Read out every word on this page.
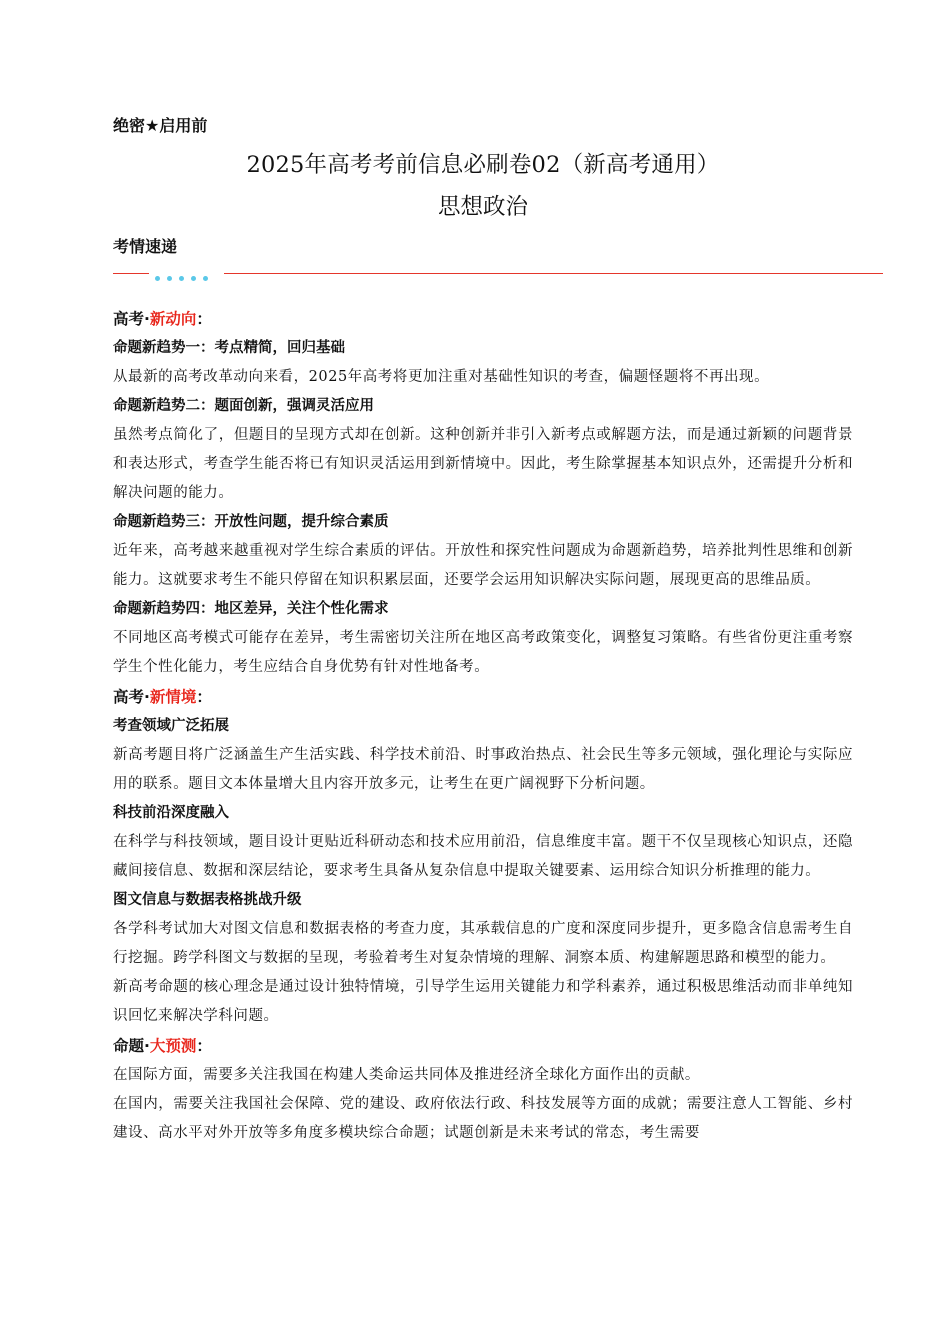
绝密★启用前

2025年高考考前信息必刷卷02（新高考通用）
思想政治

考情速递

高考·新动向：

命题新趋势一：考点精简，回归基础

从最新的高考改革动向来看，2025年高考将更加注重对基础性知识的考查，偏题怪题将不再出现。

命题新趋势二：题面创新，强调灵活应用

虽然考点简化了，但题目的呈现方式却在创新。这种创新并非引入新考点或解题方法，而是通过新颖的问题背景和表达形式，考查学生能否将已有知识灵活运用到新情境中。因此，考生除掌握基本知识点外，还需提升分析和解决问题的能力。

命题新趋势三：开放性问题，提升综合素质

近年来，高考越来越重视对学生综合素质的评估。开放性和探究性问题成为命题新趋势，培养批判性思维和创新能力。这就要求考生不能只停留在知识积累层面，还要学会运用知识解决实际问题，展现更高的思维品质。

命题新趋势四：地区差异，关注个性化需求

不同地区高考模式可能存在差异，考生需密切关注所在地区高考政策变化，调整复习策略。有些省份更注重考察学生个性化能力，考生应结合自身优势有针对性地备考。

高考·新情境：

考查领域广泛拓展

新高考题目将广泛涵盖生产生活实践、科学技术前沿、时事政治热点、社会民生等多元领域，强化理论与实际应用的联系。题目文本体量增大且内容开放多元，让考生在更广阔视野下分析问题。

科技前沿深度融入

在科学与科技领域，题目设计更贴近科研动态和技术应用前沿，信息维度丰富。题干不仅呈现核心知识点，还隐藏间接信息、数据和深层结论，要求考生具备从复杂信息中提取关键要素、运用综合知识分析推理的能力。

图文信息与数据表格挑战升级

各学科考试加大对图文信息和数据表格的考查力度，其承载信息的广度和深度同步提升，更多隐含信息需考生自行挖掘。跨学科图文与数据的呈现，考验着考生对复杂情境的理解、洞察本质、构建解题思路和模型的能力。

新高考命题的核心理念是通过设计独特情境，引导学生运用关键能力和学科素养，通过积极思维活动而非单纯知识回忆来解决学科问题。

命题·大预测：

在国际方面，需要多关注我国在构建人类命运共同体及推进经济全球化方面作出的贡献。

在国内，需要关注我国社会保障、党的建设、政府依法行政、科技发展等方面的成就；需要注意人工智能、乡村建设、高水平对外开放等多角度多模块综合命题；试题创新是未来考试的常态，考生需要
